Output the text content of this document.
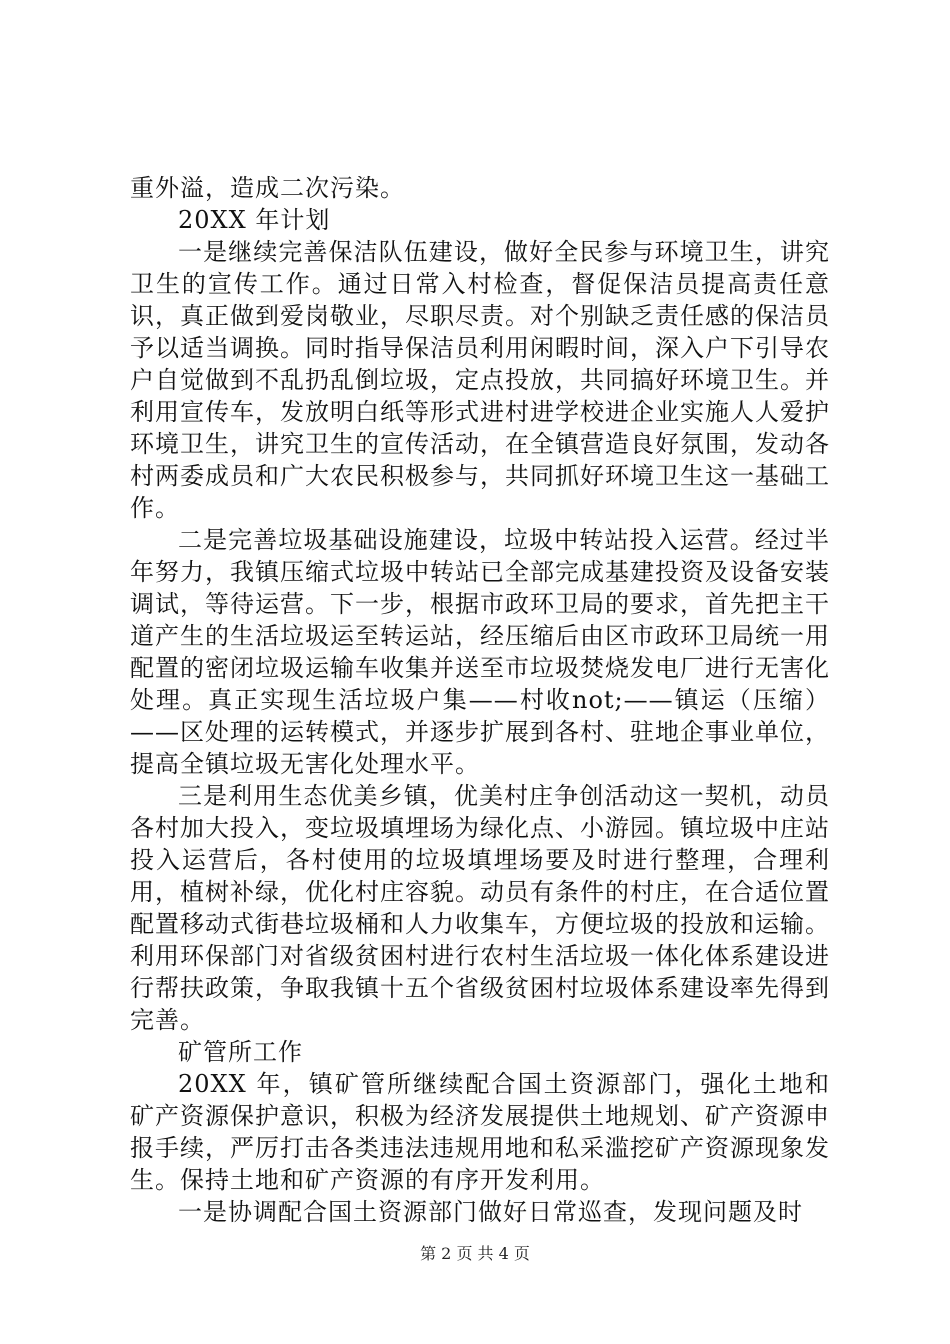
重外溢，造成二次污染。

20XX 年计划

一是继续完善保洁队伍建设，做好全民参与环境卫生，讲究卫生的宣传工作。通过日常入村检查，督促保洁员提高责任意识，真正做到爱岗敬业，尽职尽责。对个别缺乏责任感的保洁员予以适当调换。同时指导保洁员利用闲暇时间，深入户下引导农户自觉做到不乱扔乱倒垃圾，定点投放，共同搞好环境卫生。并利用宣传车，发放明白纸等形式进村进学校进企业实施人人爱护环境卫生，讲究卫生的宣传活动，在全镇营造良好氛围，发动各村两委成员和广大农民积极参与，共同抓好环境卫生这一基础工作。

二是完善垃圾基础设施建设，垃圾中转站投入运营。经过半年努力，我镇压缩式垃圾中转站已全部完成基建投资及设备安装调试，等待运营。下一步，根据市政环卫局的要求，首先把主干道产生的生活垃圾运至转运站，经压缩后由区市政环卫局统一用配置的密闭垃圾运输车收集并送至市垃圾焚烧发电厂进行无害化处理。真正实现生活垃圾户集——村收not;——镇运（压缩）——区处理的运转模式，并逐步扩展到各村、驻地企事业单位，提高全镇垃圾无害化处理水平。

三是利用生态优美乡镇，优美村庄争创活动这一契机，动员各村加大投入，变垃圾填埋场为绿化点、小游园。镇垃圾中庄站投入运营后，各村使用的垃圾填埋场要及时进行整理，合理利用，植树补绿，优化村庄容貌。动员有条件的村庄，在合适位置配置移动式街巷垃圾桶和人力收集车，方便垃圾的投放和运输。利用环保部门对省级贫困村进行农村生活垃圾一体化体系建设进行帮扶政策，争取我镇十五个省级贫困村垃圾体系建设率先得到完善。

矿管所工作

20XX 年，镇矿管所继续配合国土资源部门，强化土地和矿产资源保护意识，积极为经济发展提供土地规划、矿产资源申报手续，严厉打击各类违法违规用地和私采滥挖矿产资源现象发生。保持土地和矿产资源的有序开发利用。

一是协调配合国土资源部门做好日常巡查，发现问题及时

第 2 页 共 4 页
